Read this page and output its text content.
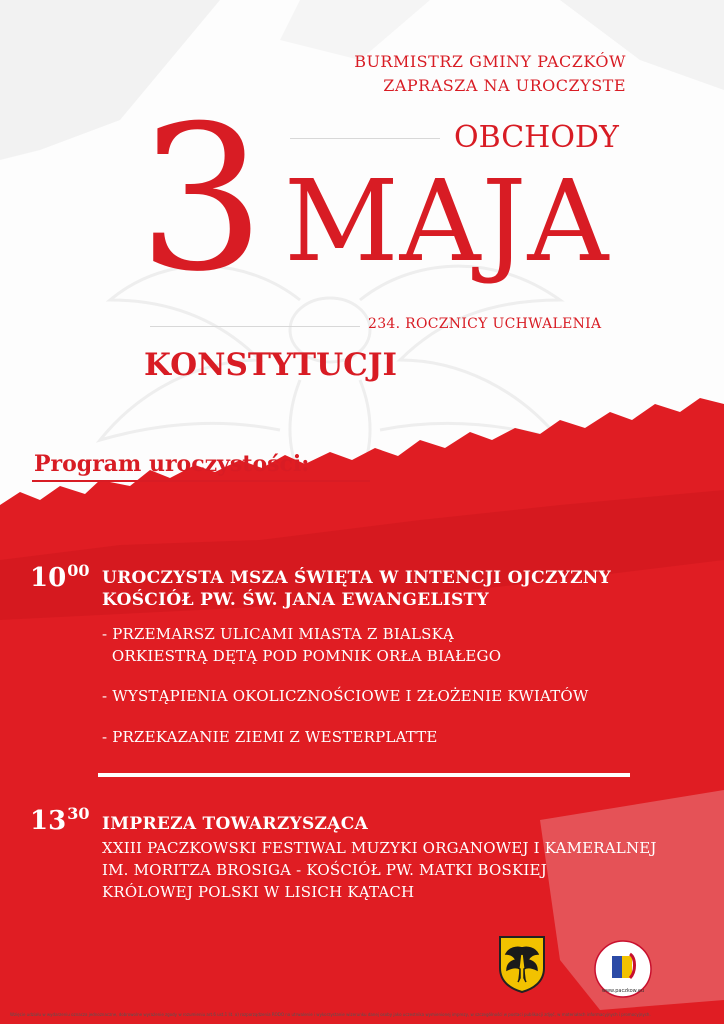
BURMISTRZ GMINY PACZKÓW
ZAPRASZA NA UROCZYSTE
3	OBCHODY
MAJA
234. ROCZNICY UCHWALENIA
KONSTYTUCJI
Program uroczystości:
$10^{00}$ UROCZYSTA MSZA ŚWIĘTA W INTENCJI OJCZYZNY
KOŚCIÓŁ PW. ŚW. JANA EWANGELISTY
- PRZEMARSZ ULICAMI MIASTA Z BIALSKĄ
ORKIESTRĄ DĘTĄ POD POMNIK ORŁA BIAŁEGO
- WYSTĄPIENIA OKOLICZNOŚCIOWE I ZŁOŻENIE KWIATÓW
- PRZEKAZANIE ZIEMI Z WESTERPLATTE
$13^{30}$
IMPREZA TOWARZYSZĄCA
XXIII PACZKOWSKI FESTIWAL MUZYKI ORGANOWEJ I KAMERALNEJ
IM. MORITZA BROSIGA - KOŚCIÓŁ PW. MATKI BOSKIEJ
KRÓLOWEJ POLSKI W LISICH KĄTACH
www.paczkow.eu
Wzięcie udziału w wydarzeniu oznacza jednoznaczne, dobrowolne wyrażenie zgody w rozumieniu art.6 ust.1 lit. a) rozporządzenia RODO na utrwalenie i wykorzystanie wizerunku danej osoby jako uczestnika wymienionej imprezy, w szczególności w postaci publikacji zdjęć, w materiałach informacyjnych i promocyjnych.
